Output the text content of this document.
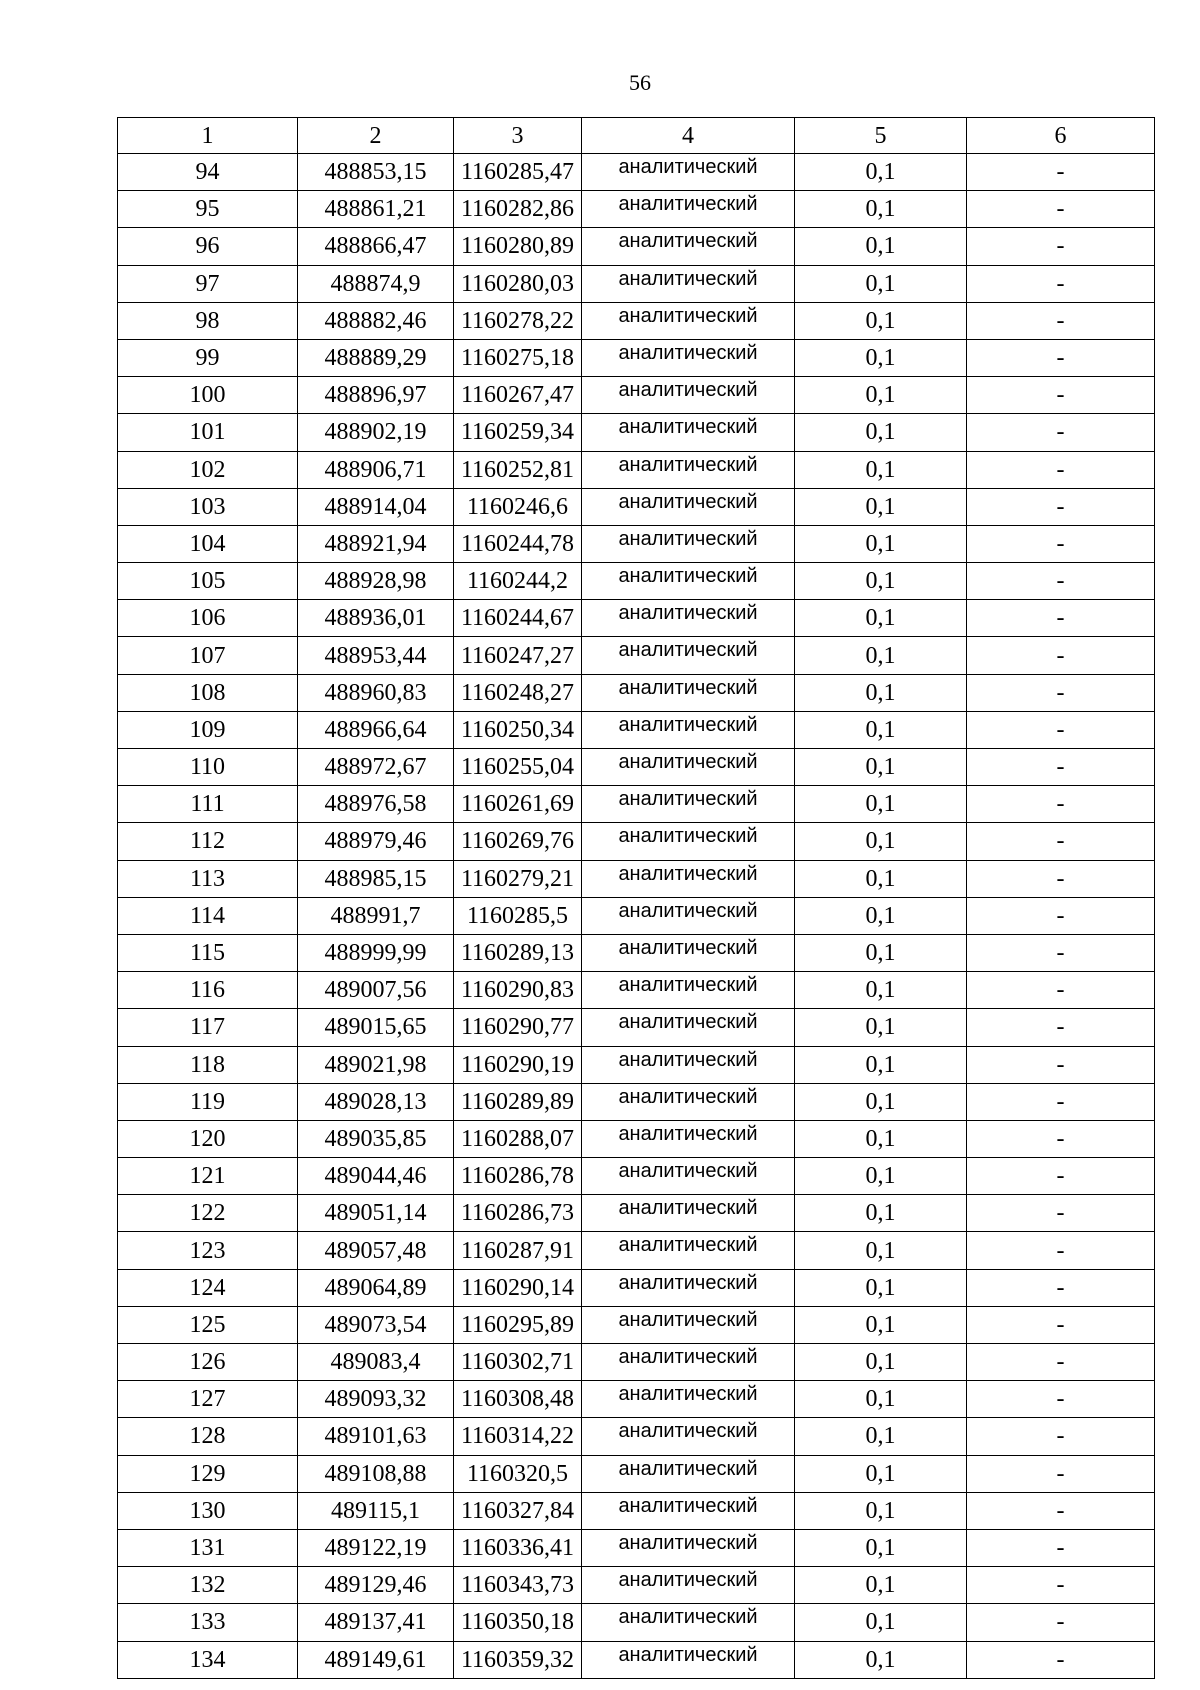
56
1	2	3	4	5	6
94	488853,15	1160285,47	аналитический	0,1	-
95	488861,21	1160282,86	аналитический	0,1	-
96	488866,47	1160280,89	аналитический	0,1	-
97	488874,9	1160280,03	аналитический	0,1	-
98	488882,46	1160278,22	аналитический	0,1	-
99	488889,29	1160275,18	аналитический	0,1	-
100	488896,97	1160267,47	аналитический	0,1	-
101	488902,19	1160259,34	аналитический	0,1	-
102	488906,71	1160252,81	аналитический	0,1	-
103	488914,04	1160246,6	аналитический	0,1	-
104	488921,94	1160244,78	аналитический	0,1	-
105	488928,98	1160244,2	аналитический	0,1	-
106	488936,01	1160244,67	аналитический	0,1	-
107	488953,44	1160247,27	аналитический	0,1	-
108	488960,83	1160248,27	аналитический	0,1	-
109	488966,64	1160250,34	аналитический	0,1	-
110	488972,67	1160255,04	аналитический	0,1	-
111	488976,58	1160261,69	аналитический	0,1	-
112	488979,46	1160269,76	аналитический	0,1	-
113	488985,15	1160279,21	аналитический	0,1	-
114	488991,7	1160285,5	аналитический	0,1	-
115	488999,99	1160289,13	аналитический	0,1	-
116	489007,56	1160290,83	аналитический	0,1	-
117	489015,65	1160290,77	аналитический	0,1	-
118	489021,98	1160290,19	аналитический	0,1	-
119	489028,13	1160289,89	аналитический	0,1	-
120	489035,85	1160288,07	аналитический	0,1	-
121	489044,46	1160286,78	аналитический	0,1	-
122	489051,14	1160286,73	аналитический	0,1	-
123	489057,48	1160287,91	аналитический	0,1	-
124	489064,89	1160290,14	аналитический	0,1	-
125	489073,54	1160295,89	аналитический	0,1	-
126	489083,4	1160302,71	аналитический	0,1	-
127	489093,32	1160308,48	аналитический	0,1	-
128	489101,63	1160314,22	аналитический	0,1	-
129	489108,88	1160320,5	аналитический	0,1	-
130	489115,1	1160327,84	аналитический	0,1	-
131	489122,19	1160336,41	аналитический	0,1	-
132	489129,46	1160343,73	аналитический	0,1	-
133	489137,41	1160350,18	аналитический	0,1	-
134	489149,61	1160359,32	аналитический	0,1	-
